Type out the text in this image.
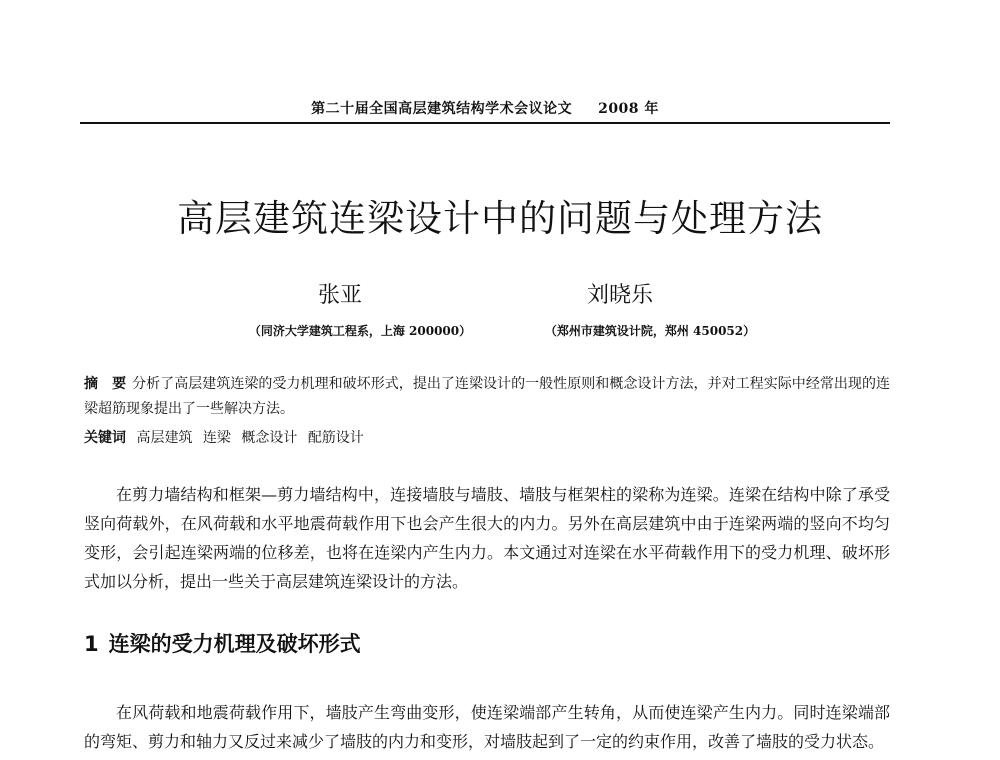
第二十届全国高层建筑结构学术会议论文 2008 年
高层建筑连梁设计中的问题与处理方法
张亚	刘晓乐
（同济大学建筑工程系，上海 200000）	（郑州市建筑设计院，郑州 450052）
摘　要 分析了高层建筑连梁的受力机理和破坏形式，提出了连梁设计的一般性原则和概念设计方法，并对工程实际中经常出现的连梁超筋现象提出了一些解决方法。
关键词 高层建筑 连梁 概念设计 配筋设计

在剪力墙结构和框架—剪力墙结构中，连接墙肢与墙肢、墙肢与框架柱的梁称为连梁。连梁在结构中除了承受竖向荷载外，在风荷载和水平地震荷载作用下也会产生很大的内力。另外在高层建筑中由于连梁两端的竖向不均匀变形，会引起连梁两端的位移差，也将在连梁内产生内力。本文通过对连梁在水平荷载作用下的受力机理、破坏形式加以分析，提出一些关于高层建筑连梁设计的方法。

1 连梁的受力机理及破坏形式

在风荷载和地震荷载作用下，墙肢产生弯曲变形，使连梁端部产生转角，从而使连梁产生内力。同时连梁端部的弯矩、剪力和轴力又反过来减少了墙肢的内力和变形，对墙肢起到了一定的约束作用，改善了墙肢的受力状态。
